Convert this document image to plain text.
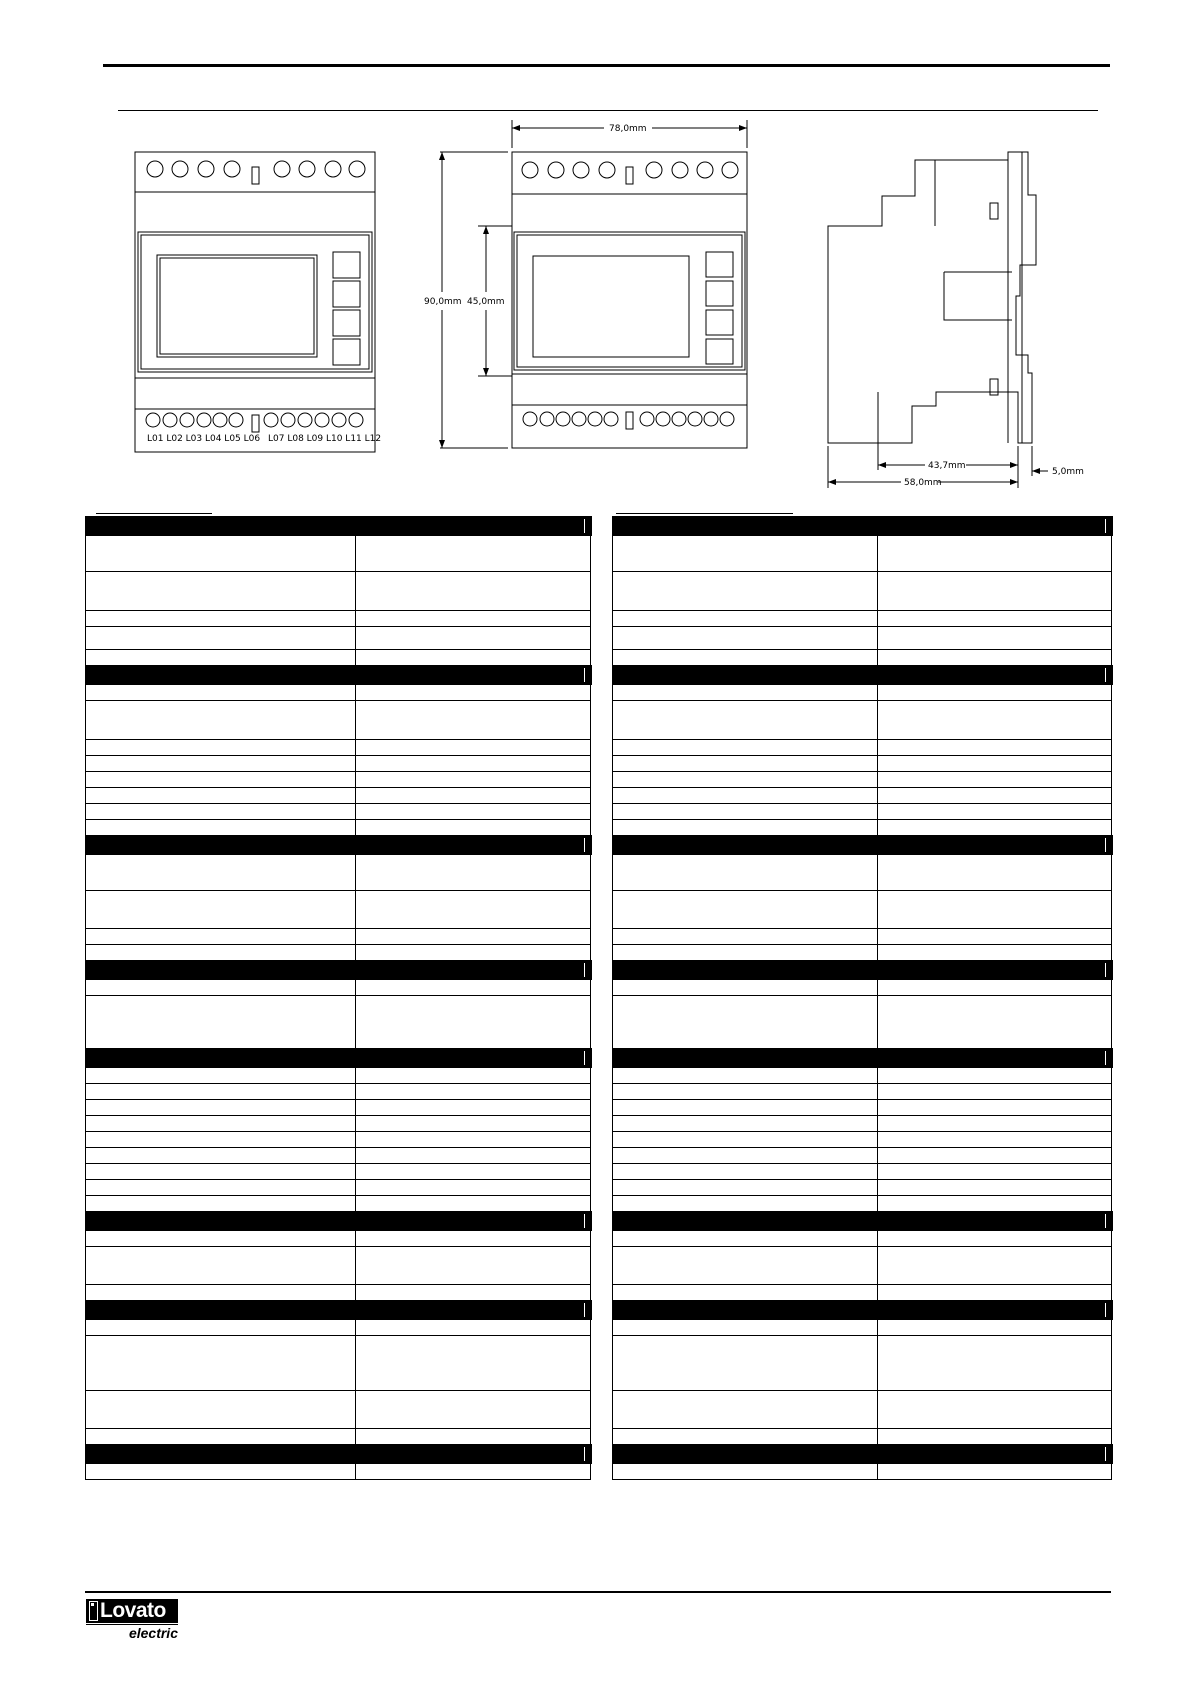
L01 L02 L03 L04 L05 L06 L07 L08 L09 L10 L11 L12
78,0mm
90,0mm 45,0mm
43,7mm
58,0mm
5,0mm

Lovato
electric
